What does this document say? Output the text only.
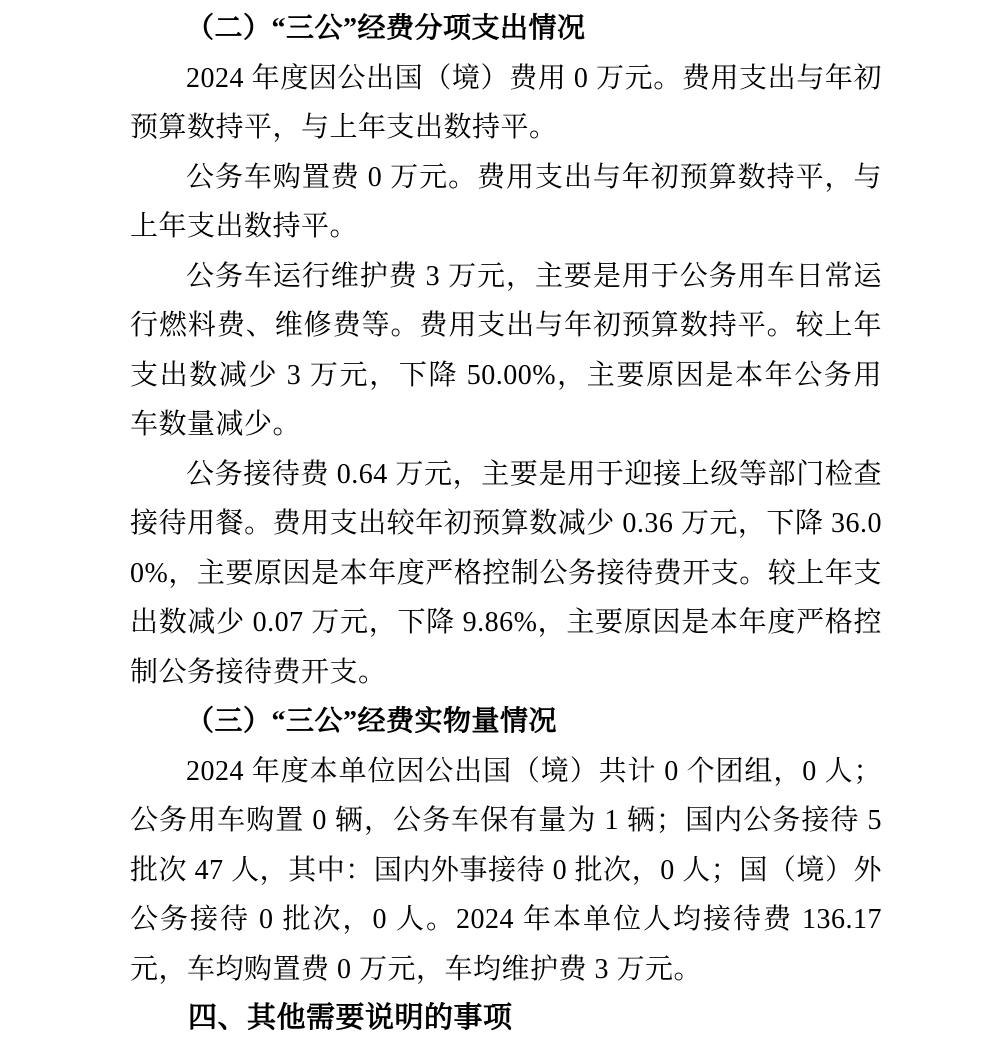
（二）“三公”经费分项支出情况

2024 年度因公出国（境）费用 0 万元。费用支出与年初预算数持平，与上年支出数持平。

公务车购置费 0 万元。费用支出与年初预算数持平，与上年支出数持平。

公务车运行维护费 3 万元，主要是用于公务用车日常运行燃料费、维修费等。费用支出与年初预算数持平。较上年支出数减少 3 万元，下降 50.00%，主要原因是本年公务用车数量减少。

公务接待费 0.64 万元，主要是用于迎接上级等部门检查接待用餐。费用支出较年初预算数减少 0.36 万元，下降 36.00%，主要原因是本年度严格控制公务接待费开支。较上年支出数减少 0.07 万元，下降 9.86%，主要原因是本年度严格控制公务接待费开支。

（三）“三公”经费实物量情况

2024 年度本单位因公出国（境）共计 0 个团组，0 人；公务用车购置 0 辆，公务车保有量为 1 辆；国内公务接待 5 批次 47 人，其中：国内外事接待 0 批次，0 人；国（境）外公务接待 0 批次，0 人。2024 年本单位人均接待费 136.17 元，车均购置费 0 万元，车均维护费 3 万元。

四、其他需要说明的事项
